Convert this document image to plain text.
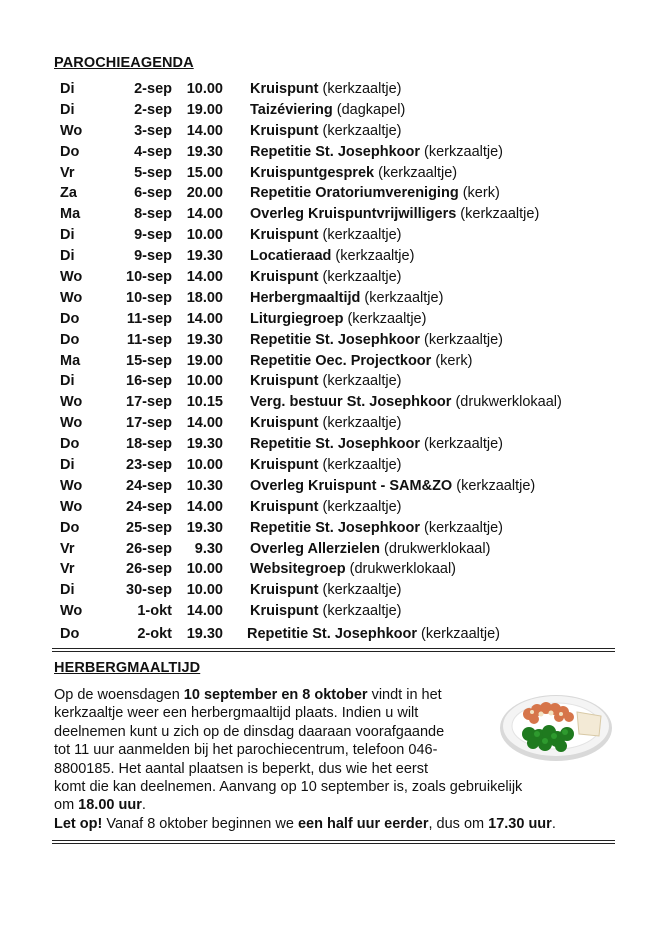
PAROCHIEAGENDA
Di	2-sep 10.00 Kruispunt (kerkzaaltje)
Di	2-sep 19.00 Taizéviering (dagkapel)
Wo	3-sep 14.00 Kruispunt (kerkzaaltje)
Do	4-sep 19.30 Repetitie St. Josephkoor (kerkzaaltje)
Vr	5-sep 15.00 Kruispuntgesprek (kerkzaaltje)
Za	6-sep 20.00 Repetitie Oratoriumvereniging (kerk)
Ma	8-sep 14.00 Overleg Kruispuntvrijwilligers (kerkzaaltje)
Di	9-sep 10.00 Kruispunt (kerkzaaltje)
Di	9-sep 19.30 Locatieraad (kerkzaaltje)
Wo	10-sep 14.00 Kruispunt (kerkzaaltje)
Wo	10-sep 18.00 Herbergmaaltijd (kerkzaaltje)
Do	11-sep 14.00 Liturgiegroep (kerkzaaltje)
Do	11-sep 19.30 Repetitie St. Josephkoor (kerkzaaltje)
Ma	15-sep 19.00 Repetitie Oec. Projectkoor (kerk)
Di	16-sep 10.00 Kruispunt (kerkzaaltje)
Wo	17-sep 10.15 Verg. bestuur St. Josephkoor (drukwerklokaal)
Wo	17-sep 14.00 Kruispunt (kerkzaaltje)
Do	18-sep 19.30 Repetitie St. Josephkoor (kerkzaaltje)
Di	23-sep 10.00 Kruispunt (kerkzaaltje)
Wo	24-sep 10.30 Overleg Kruispunt - SAM&ZO (kerkzaaltje)
Wo	24-sep 14.00 Kruispunt (kerkzaaltje)
Do	25-sep 19.30 Repetitie St. Josephkoor (kerkzaaltje)
Vr	26-sep 9.30 Overleg Allerzielen (drukwerklokaal)
Vr	26-sep 10.00 Websitegroep (drukwerklokaal)
Di	30-sep 10.00 Kruispunt (kerkzaaltje)
Wo	1-okt 14.00 Kruispunt (kerkzaaltje)
Do	2-okt 19.30 Repetitie St. Josephkoor (kerkzaaltje)
HERBERGMAALTIJD
Op de woensdagen 10 september en 8 oktober vindt in het
kerkzaaltje weer een herbergmaaltijd plaats. Indien u wilt
deelnemen kunt u zich op de dinsdag daaraan voorafgaande
tot 11 uur aanmelden bij het parochiecentrum, telefoon 046-
8800185. Het aantal plaatsen is beperkt, dus wie het eerst
komt die kan deelnemen. Aanvang op 10 september is, zoals gebruikelijk
om 18.00 uur.
Let op! Vanaf 8 oktober beginnen we een half uur eerder, dus om 17.30 uur.
